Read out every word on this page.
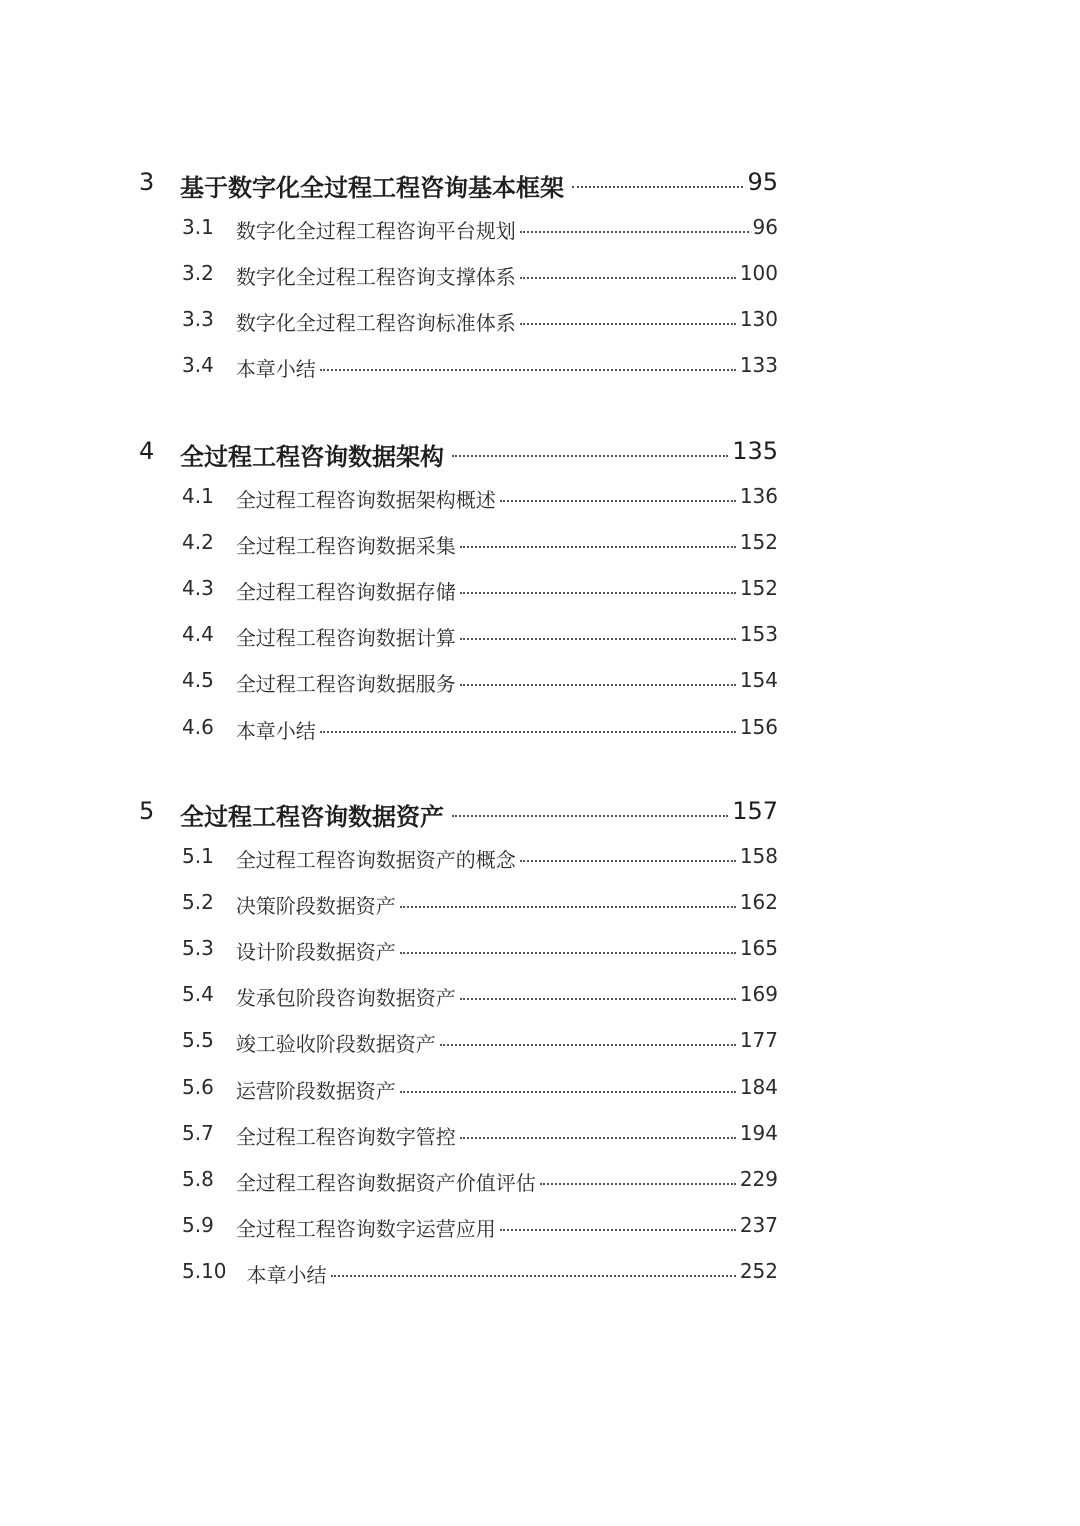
3 基于数字化全过程工程咨询基本框架	95
3.1 数字化全过程工程咨询平台规划	96
3.2 数字化全过程工程咨询支撑体系	100
3.3 数字化全过程工程咨询标准体系	130
3.4 本章小结	133
4 全过程工程咨询数据架构	135
4.1 全过程工程咨询数据架构概述	136
4.2 全过程工程咨询数据采集	152
4.3 全过程工程咨询数据存储	152
4.4 全过程工程咨询数据计算	153
4.5 全过程工程咨询数据服务	154
4.6 本章小结	156
5 全过程工程咨询数据资产	157
5.1 全过程工程咨询数据资产的概念	158
5.2 决策阶段数据资产	162
5.3 设计阶段数据资产	165
5.4 发承包阶段咨询数据资产	169
5.5 竣工验收阶段数据资产	177
5.6 运营阶段数据资产	184
5.7 全过程工程咨询数字管控	194
5.8 全过程工程咨询数据资产价值评估	229
5.9 全过程工程咨询数字运营应用	237
5.10 本章小结	252
